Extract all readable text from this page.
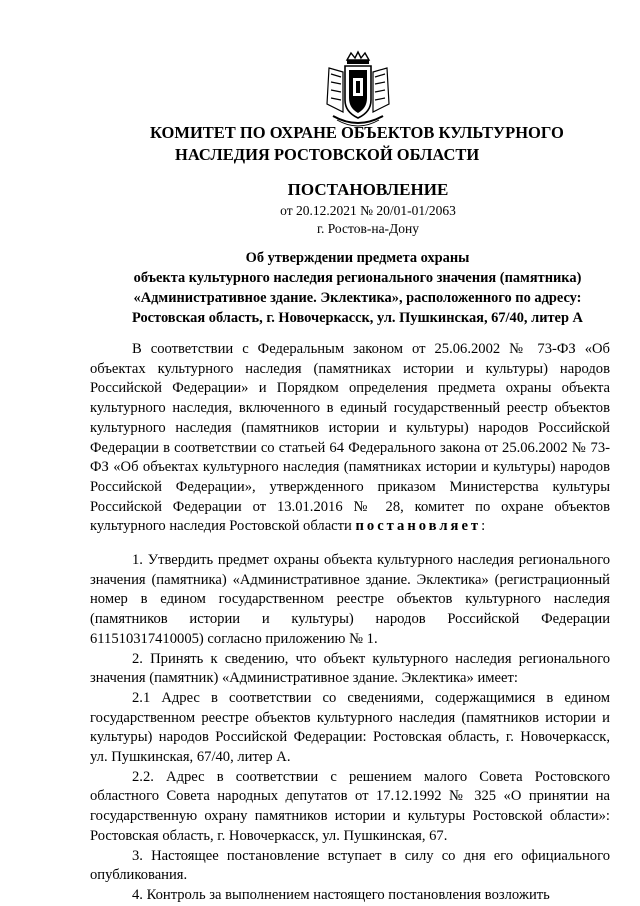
КОМИТЕТ ПО ОХРАНЕ ОБЪЕКТОВ КУЛЬТУРНОГО
НАСЛЕДИЯ РОСТОВСКОЙ ОБЛАСТИ
ПОСТАНОВЛЕНИЕ
от 20.12.2021 № 20/01-01/2063
г. Ростов-на-Дону
Об утверждении предмета охраны
объекта культурного наследия регионального значения (памятника)
«Административное здание. Эклектика», расположенного по адресу:
Ростовская область, г. Новочеркасск, ул. Пушкинская, 67/40, литер А

В соответствии с Федеральным законом от 25.06.2002 № 73-ФЗ «Об объектах культурного наследия (памятниках истории и культуры) народов Российской Федерации» и Порядком определения предмета охраны объекта культурного наследия, включенного в единый государственный реестр объектов культурного наследия (памятников истории и культуры) народов Российской Федерации в соответствии со статьей 64 Федерального закона от 25.06.2002 № 73-ФЗ «Об объектах культурного наследия (памятниках истории и культуры) народов Российской Федерации», утвержденного приказом Министерства культуры Российской Федерации от 13.01.2016 № 28, комитет по охране объектов культурного наследия Ростовской области постановляет:

1. Утвердить предмет охраны объекта культурного наследия регионального значения (памятника) «Административное здание. Эклектика» (регистрационный номер в едином государственном реестре объектов культурного наследия (памятников истории и культуры) народов Российской Федерации 611510317410005) согласно приложению № 1.

2. Принять к сведению, что объект культурного наследия регионального значения (памятник) «Административное здание. Эклектика» имеет:

2.1 Адрес в соответствии со сведениями, содержащимися в едином государственном реестре объектов культурного наследия (памятников истории и культуры) народов Российской Федерации: Ростовская область, г. Новочеркасск, ул. Пушкинская, 67/40, литер А.

2.2. Адрес в соответствии с решением малого Совета Ростовского областного Совета народных депутатов от 17.12.1992 № 325 «О принятии на государственную охрану памятников истории и культуры Ростовской области»: Ростовская область, г. Новочеркасск, ул. Пушкинская, 67.

3. Настоящее постановление вступает в силу со дня его официального опубликования.

4. Контроль за выполнением настоящего постановления возложить
